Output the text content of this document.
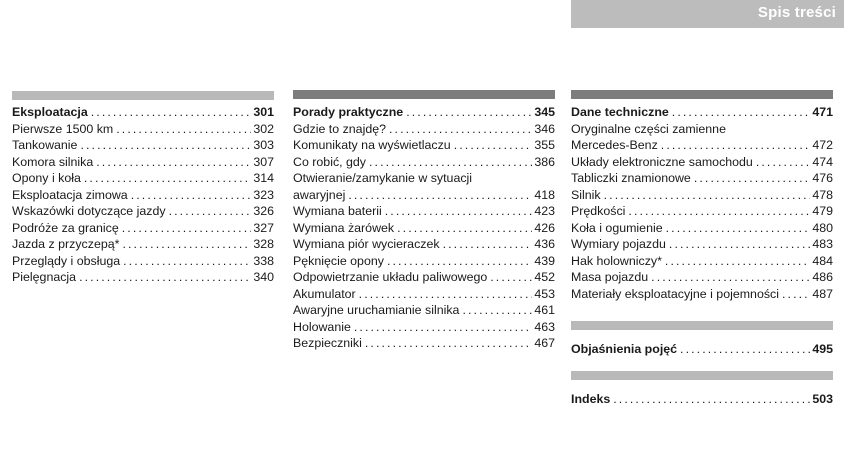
Spis treści
Eksploatacja .....	301
Pierwsze 1500 km .....	302
Tankowanie .....	303
Komora silnika .....	307
Opony i koła .....	314
Eksploatacja zimowa .....	323
Wskazówki dotyczące jazdy .....	326
Podróże za granicę .....	327
Jazda z przyczepą* .....	328
Przeglądy i obsługa .....	338
Pielęgnacja .....	340
Porady praktyczne .....	345
Gdzie to znajdę? .....	346
Komunikaty na wyświetlaczu .....	355
Co robić, gdy .....	386
Otwieranie/zamykanie w sytuacji
awaryjnej .....	418
Wymiana baterii .....	423
Wymiana żarówek .....	426
Wymiana piór wycieraczek .....	436
Pęknięcie opony .....	439
Odpowietrzanie układu paliwowego .....	452
Akumulator .....	453
Awaryjne uruchamianie silnika .....	461
Holowanie .....	463
Bezpieczniki .....	467
Dane techniczne .....	471
Oryginalne części zamienne
Mercedes-Benz .....	472
Układy elektroniczne samochodu .....	474
Tabliczki znamionowe .....	476
Silnik .....	478
Prędkości .....	479
Koła i ogumienie .....	480
Wymiary pojazdu .....	483
Hak holowniczy* .....	484
Masa pojazdu .....	486
Materiały eksploatacyjne i pojemności .....	487
Objaśnienia pojęć .....	495
Indeks .....	503
